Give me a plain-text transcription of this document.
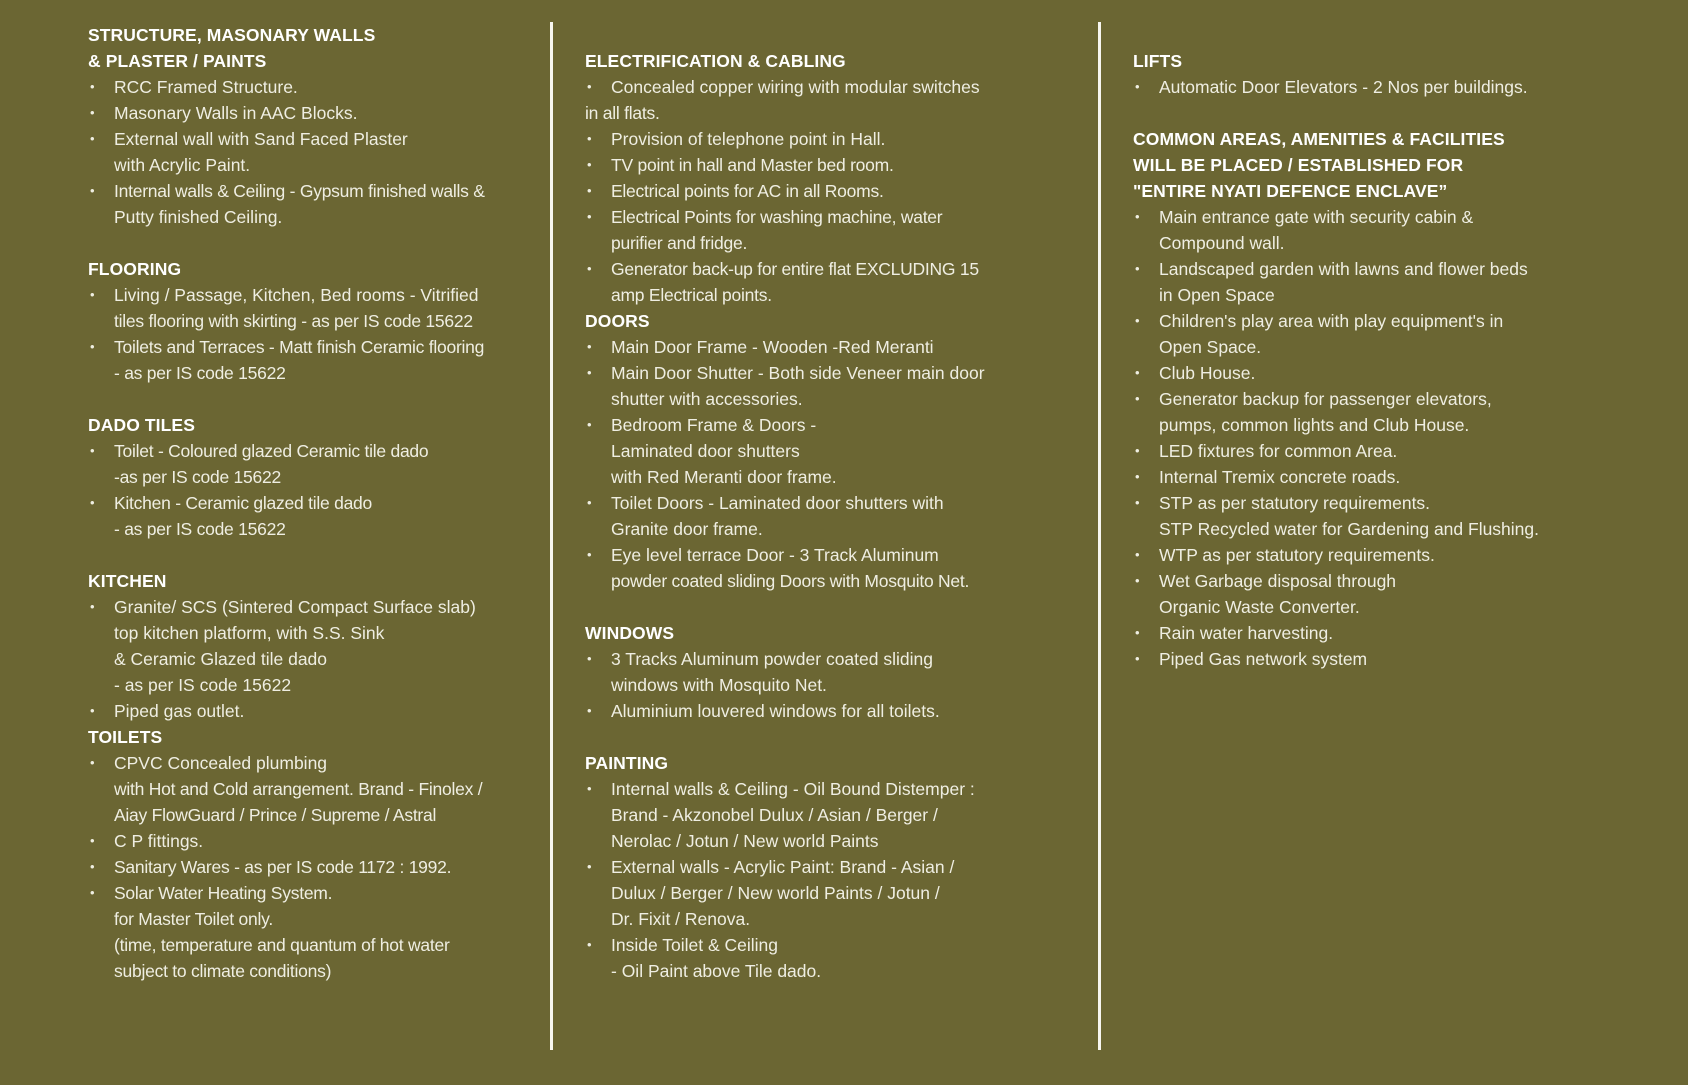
STRUCTURE, MASONARY WALLS
& PLASTER / PAINTS
• RCC Framed Structure.
• Masonary Walls in AAC Blocks.
• External wall with Sand Faced Plaster
with Acrylic Paint.
• Internal walls & Ceiling - Gypsum finished walls &
Putty finished Ceiling.
FLOORING
• Living / Passage, Kitchen, Bed rooms - Vitrified
tiles flooring with skirting - as per IS code 15622
• Toilets and Terraces - Matt finish Ceramic flooring
- as per IS code 15622
DADO TILES
• Toilet - Coloured glazed Ceramic tile dado
-as per IS code 15622
• Kitchen - Ceramic glazed tile dado
- as per IS code 15622
KITCHEN
• Granite/ SCS (Sintered Compact Surface slab)
top kitchen platform, with S.S. Sink
& Ceramic Glazed tile dado
- as per IS code 15622
• Piped gas outlet.
TOILETS
• CPVC Concealed plumbing
with Hot and Cold arrangement. Brand - Finolex /
Aiay FlowGuard / Prince / Supreme / Astral
• C P fittings.
• Sanitary Wares - as per IS code 1172 : 1992.
• Solar Water Heating System.
for Master Toilet only.
(time, temperature and quantum of hot water
subject to climate conditions)
ELECTRIFICATION & CABLING
• Concealed copper wiring with modular switches
in all flats.
• Provision of telephone point in Hall.
• TV point in hall and Master bed room.
• Electrical points for AC in all Rooms.
• Electrical Points for washing machine, water
purifier and fridge.
• Generator back-up for entire flat EXCLUDING 15
amp Electrical points.
DOORS
• Main Door Frame - Wooden -Red Meranti
• Main Door Shutter - Both side Veneer main door
shutter with accessories.
• Bedroom Frame & Doors -
Laminated door shutters
with Red Meranti door frame.
• Toilet Doors - Laminated door shutters with
Granite door frame.
• Eye level terrace Door - 3 Track Aluminum
powder coated sliding Doors with Mosquito Net.
WINDOWS
• 3 Tracks Aluminum powder coated sliding
windows with Mosquito Net.
• Aluminium louvered windows for all toilets.
PAINTING
• Internal walls & Ceiling - Oil Bound Distemper :
Brand - Akzonobel Dulux / Asian / Berger /
Nerolac / Jotun / New world Paints
• External walls - Acrylic Paint: Brand - Asian /
Dulux / Berger / New world Paints / Jotun /
Dr. Fixit / Renova.
• Inside Toilet & Ceiling
- Oil Paint above Tile dado.
LIFTS
• Automatic Door Elevators - 2 Nos per buildings.
COMMON AREAS, AMENITIES & FACILITIES
WILL BE PLACED / ESTABLISHED FOR
"ENTIRE NYATI DEFENCE ENCLAVE”
• Main entrance gate with security cabin &
Compound wall.
• Landscaped garden with lawns and flower beds
in Open Space
• Children's play area with play equipment's in
Open Space.
• Club House.
• Generator backup for passenger elevators,
pumps, common lights and Club House.
• LED fixtures for common Area.
• Internal Tremix concrete roads.
• STP as per statutory requirements.
STP Recycled water for Gardening and Flushing.
• WTP as per statutory requirements.
• Wet Garbage disposal through
Organic Waste Converter.
• Rain water harvesting.
• Piped Gas network system
